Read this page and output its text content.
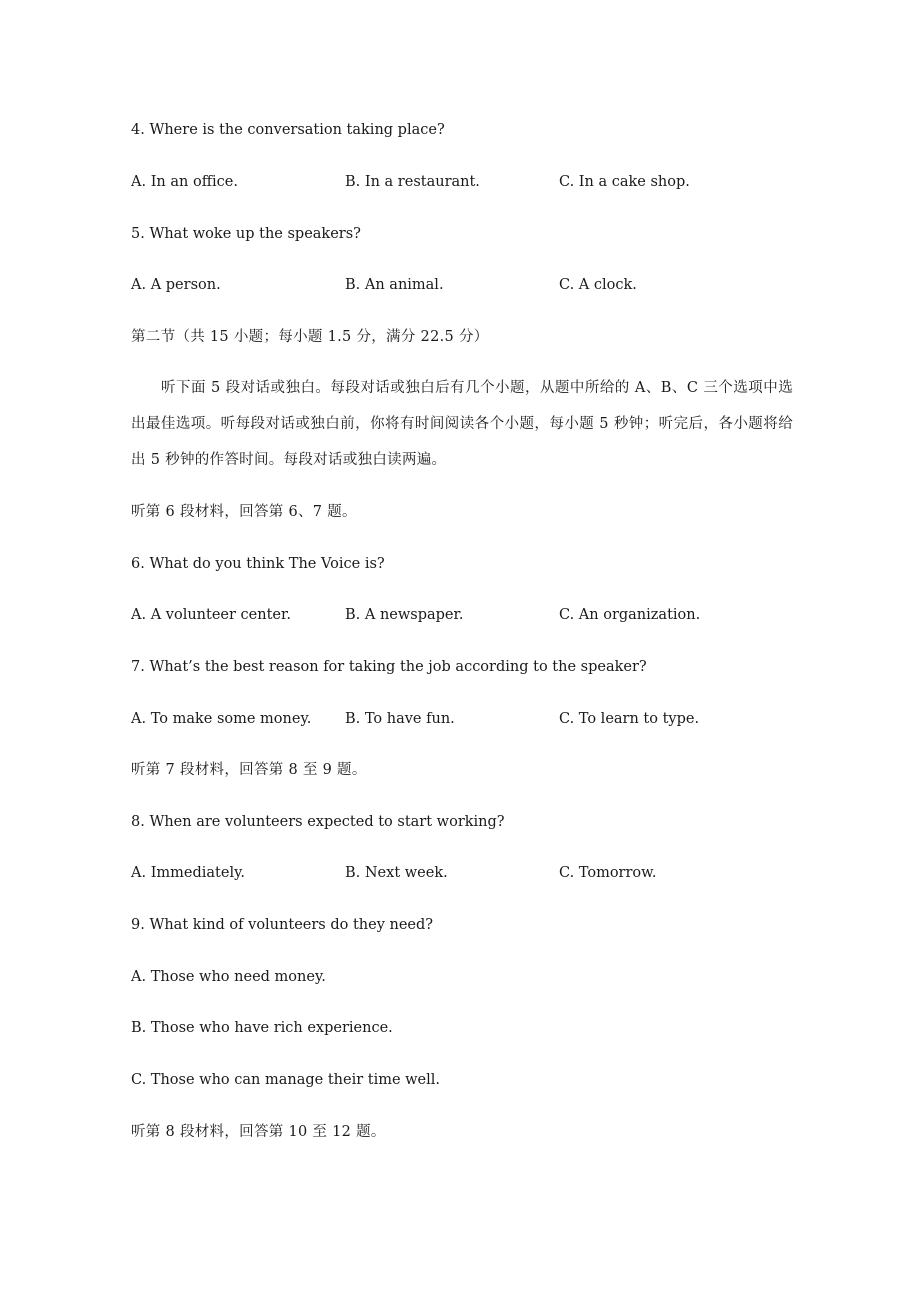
4. Where is the conversation taking place?

A. In an office.	B. In a restaurant.	C. In a cake shop.

5. What woke up the speakers?

A. A person.	B. An animal.	C. A clock.

第二节（共 15 小题；每小题 1.5 分，满分 22.5 分）

听下面 5 段对话或独白。每段对话或独白后有几个小题，从题中所给的 A、B、C 三个选项中选出最佳选项。听每段对话或独白前，你将有时间阅读各个小题，每小题 5 秒钟；听完后，各小题将给出 5 秒钟的作答时间。每段对话或独白读两遍。

听第 6 段材料，回答第 6、7 题。

6. What do you think The Voice is?

A. A volunteer center.	B. A newspaper.	C. An organization.

7. What’s the best reason for taking the job according to the speaker?

A. To make some money. B. To have fun.	C. To learn to type.

听第 7 段材料，回答第 8 至 9 题。

8. When are volunteers expected to start working?

A. Immediately.	B. Next week.	C. Tomorrow.

9. What kind of volunteers do they need?

A. Those who need money.

B. Those who have rich experience.

C. Those who can manage their time well.

听第 8 段材料，回答第 10 至 12 题。
